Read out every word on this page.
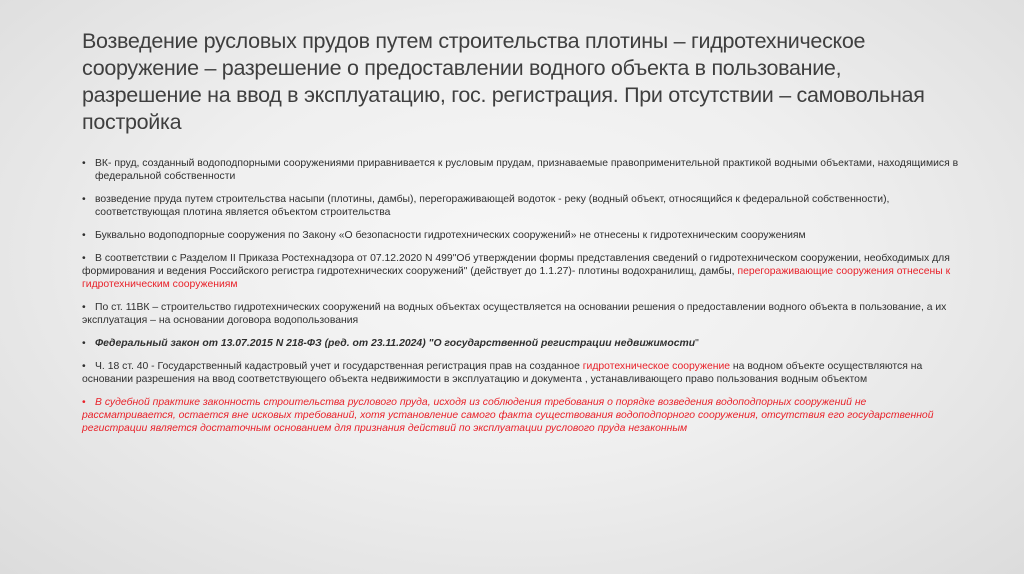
Возведение русловых прудов путем строительства плотины – гидротехническое сооружение – разрешение о предоставлении водного объекта в пользование, разрешение на ввод в эксплуатацию, гос. регистрация. При отсутствии – самовольная постройка
• ВК- пруд, созданный водоподпорными сооружениями приравнивается к русловым прудам, признаваемые правоприменительной практикой водными объектами, находящимися в федеральной собственности
• возведение пруда путем строительства насыпи (плотины, дамбы), перегораживающей водоток - реку (водный объект, относящийся к федеральной собственности), соответствующая плотина является объектом строительства
• Буквально водоподпорные сооружения по Закону «О безопасности гидротехнических сооружений» не отнесены к гидротехническим сооружениям
• В соответствии с Разделом II Приказа Ростехнадзора от 07.12.2020 N 499"Об утверждении формы представления сведений о гидротехническом сооружении, необходимых для формирования и ведения Российского регистра гидротехнических сооружений" (действует до 1.1.27)- плотины водохранилищ, дамбы, перегораживающие сооружения отнесены к гидротехническим сооружениям
• По ст. 11ВК – строительство гидротехнических сооружений на водных объектах осуществляется на основании решения о предоставлении водного объекта в пользование, а их эксплуатация – на основании договора водопользования
• Федеральный закон от 13.07.2015 N 218-ФЗ (ред. от 23.11.2024) "О государственной регистрации недвижимости"
• Ч. 18 ст. 40 - Государственный кадастровый учет и государственная регистрация прав на созданное гидротехническое сооружение на водном объекте осуществляются на основании разрешения на ввод соответствующего объекта недвижимости в эксплуатацию и документа , устанавливающего право пользования водным объектом
• В судебной практике законность строительства руслового пруда, исходя из соблюдения требования о порядке возведения водоподпорных сооружений не рассматривается, остается вне исковых требований, хотя установление самого факта существования водоподпорного сооружения, отсутствия его государственной регистрации является достаточным основанием для признания действий по эксплуатации руслового пруда незаконным
